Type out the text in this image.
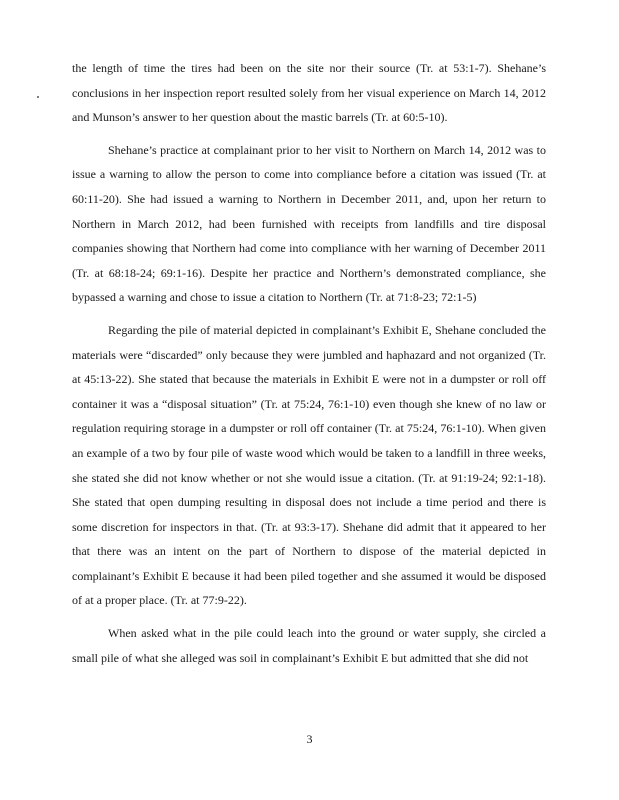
the length of time the tires had been on the site nor their source (Tr. at 53:1-7). Shehane’s conclusions in her inspection report resulted solely from her visual experience on March 14, 2012 and Munson’s answer to her question about the mastic barrels (Tr. at 60:5-10).

Shehane’s practice at complainant prior to her visit to Northern on March 14, 2012 was to issue a warning to allow the person to come into compliance before a citation was issued (Tr. at 60:11-20). She had issued a warning to Northern in December 2011, and, upon her return to Northern in March 2012, had been furnished with receipts from landfills and tire disposal companies showing that Northern had come into compliance with her warning of December 2011 (Tr. at 68:18-24; 69:1-16). Despite her practice and Northern’s demonstrated compliance, she bypassed a warning and chose to issue a citation to Northern (Tr. at 71:8-23; 72:1-5)

Regarding the pile of material depicted in complainant’s Exhibit E, Shehane concluded the materials were “discarded” only because they were jumbled and haphazard and not organized (Tr. at 45:13-22). She stated that because the materials in Exhibit E were not in a dumpster or roll off container it was a “disposal situation” (Tr. at 75:24, 76:1-10) even though she knew of no law or regulation requiring storage in a dumpster or roll off container (Tr. at 75:24, 76:1-10). When given an example of a two by four pile of waste wood which would be taken to a landfill in three weeks, she stated she did not know whether or not she would issue a citation. (Tr. at 91:19-24; 92:1-18). She stated that open dumping resulting in disposal does not include a time period and there is some discretion for inspectors in that. (Tr. at 93:3-17). Shehane did admit that it appeared to her that there was an intent on the part of Northern to dispose of the material depicted in complainant’s Exhibit E because it had been piled together and she assumed it would be disposed of at a proper place. (Tr. at 77:9-22).

When asked what in the pile could leach into the ground or water supply, she circled a small pile of what she alleged was soil in complainant’s Exhibit E but admitted that she did not

3
